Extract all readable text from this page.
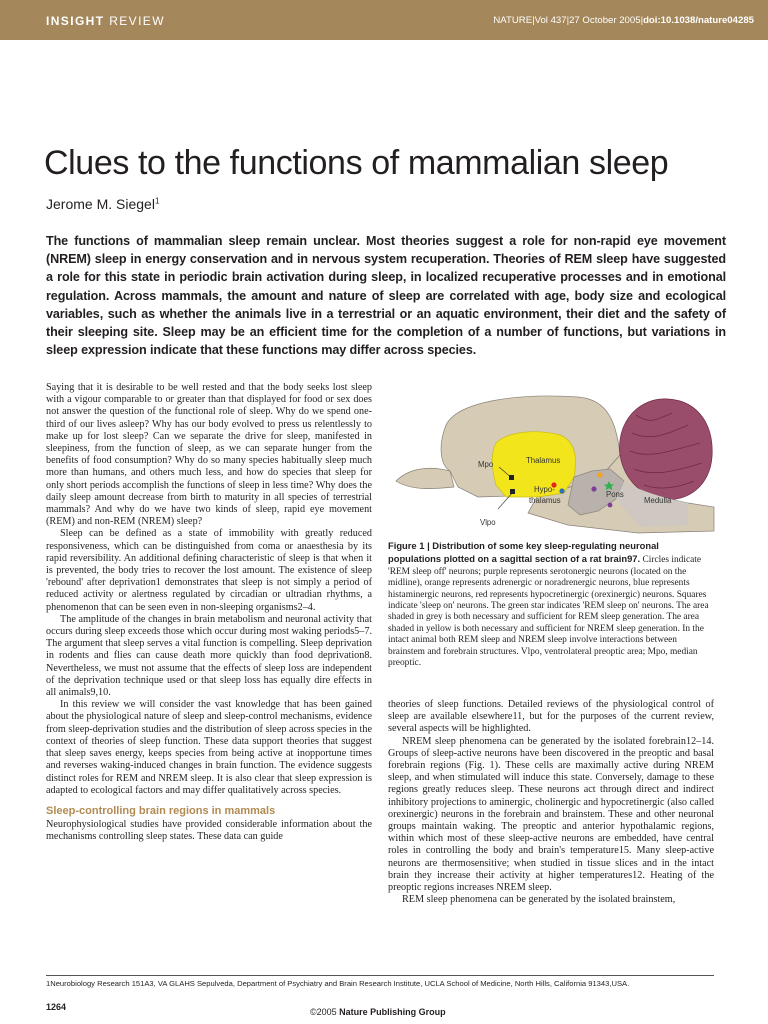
INSIGHT REVIEW	NATURE|Vol 437|27 October 2005|doi:10.1038/nature04285
Clues to the functions of mammalian sleep
Jerome M. Siegel$^1$
The functions of mammalian sleep remain unclear. Most theories suggest a role for non-rapid eye movement (NREM) sleep in energy conservation and in nervous system recuperation. Theories of REM sleep have suggested a role for this state in periodic brain activation during sleep, in localized recuperative processes and in emotional regulation. Across mammals, the amount and nature of sleep are correlated with age, body size and ecological variables, such as whether the animals live in a terrestrial or an aquatic environment, their diet and the safety of their sleeping site. Sleep may be an efficient time for the completion of a number of functions, but variations in sleep expression indicate that these functions may differ across species.

Saying that it is desirable to be well rested and that the body seeks lost sleep with a vigour comparable to or greater than that displayed for food or sex does not answer the question of the functional role of sleep. Why do we spend one-third of our lives asleep? Why has our body evolved to press us relentlessly to make up for lost sleep? Can we separate the drive for sleep, manifested in sleepiness, from the function of sleep, as we can separate hunger from the benefits of food consumption? Why do so many species habitually sleep much more than humans, and others much less, and how do species that sleep for only short periods accomplish the functions of sleep in less time? Why does the daily sleep amount decrease from birth to maturity in all species of terrestrial mammals? And why do we have two kinds of sleep, rapid eye movement (REM) and non-REM (NREM) sleep?

Sleep can be defined as a state of immobility with greatly reduced responsiveness, which can be distinguished from coma or anaesthesia by its rapid reversibility. An additional defining characteristic of sleep is that when it is prevented, the body tries to recover the lost amount. The existence of sleep 'rebound' after deprivation1 demonstrates that sleep is not simply a period of reduced activity or alertness regulated by circadian or ultradian rhythms, a phenomenon that can be seen even in non-sleeping organisms2–4.

The amplitude of the changes in brain metabolism and neuronal activity that occurs during sleep exceeds those which occur during most waking periods5–7. The argument that sleep serves a vital function is compelling. Sleep deprivation in rodents and flies can cause death more quickly than food deprivation8. Nevertheless, we must not assume that the effects of sleep loss are independent of the deprivation technique used or that sleep loss has equally dire effects in all animals9,10.

In this review we will consider the vast knowledge that has been gained about the physiological nature of sleep and sleep-control mechanisms, evidence from sleep-deprivation studies and the distribution of sleep across species in the context of theories of sleep function. These data support theories that suggest that sleep saves energy, keeps species from being active at inopportune times and reverses waking-induced changes in brain function. The evidence suggests distinct roles for REM and NREM sleep. It is also clear that sleep expression is adapted to ecological factors and may differ qualitatively across species.

Sleep-controlling brain regions in mammals

Neurophysiological studies have provided considerable information about the mechanisms controlling sleep states. These data can guide

Thalamus
Mpo
Hypo-
thalamus
Pons
Medulla
Vlpo
Figure 1 | Distribution of some key sleep-regulating neuronal populations plotted on a sagittal section of a rat brain97. Circles indicate 'REM sleep off' neurons; purple represents serotonergic neurons (located on the midline), orange represents adrenergic or noradrenergic neurons, blue represents histaminergic neurons, red represents hypocretinergic (orexinergic) neurons. Squares indicate 'sleep on' neurons. The green star indicates 'REM sleep on' neurons. The area shaded in grey is both necessary and sufficient for REM sleep generation. The area shaded in yellow is both necessary and sufficient for NREM sleep generation. In the intact animal both REM sleep and NREM sleep involve interactions between brainstem and forebrain structures. Vlpo, ventrolateral preoptic area; Mpo, median preoptic.

theories of sleep functions. Detailed reviews of the physiological control of sleep are available elsewhere11, but for the purposes of the current review, several aspects will be highlighted.

NREM sleep phenomena can be generated by the isolated forebrain12–14. Groups of sleep-active neurons have been discovered in the preoptic and basal forebrain regions (Fig. 1). These cells are maximally active during NREM sleep, and when stimulated will induce this state. Conversely, damage to these regions greatly reduces sleep. These neurons act through direct and indirect inhibitory projections to aminergic, cholinergic and hypocretinergic (also called orexinergic) neurons in the forebrain and brainstem. These and other neuronal groups maintain waking. The preoptic and anterior hypothalamic regions, within which most of these sleep-active neurons are embedded, have central roles in controlling the body and brain's temperature15. Many sleep-active neurons are thermosensitive; when studied in tissue slices and in the intact brain they increase their activity at higher temperatures12. Heating of the preoptic regions increases NREM sleep.

REM sleep phenomena can be generated by the isolated brainstem,

1Neurobiology Research 151A3, VA GLAHS Sepulveda, Department of Psychiatry and Brain Research Institute, UCLA School of Medicine, North Hills, California 91343,USA.
1264	©2005 Nature Publishing Group
